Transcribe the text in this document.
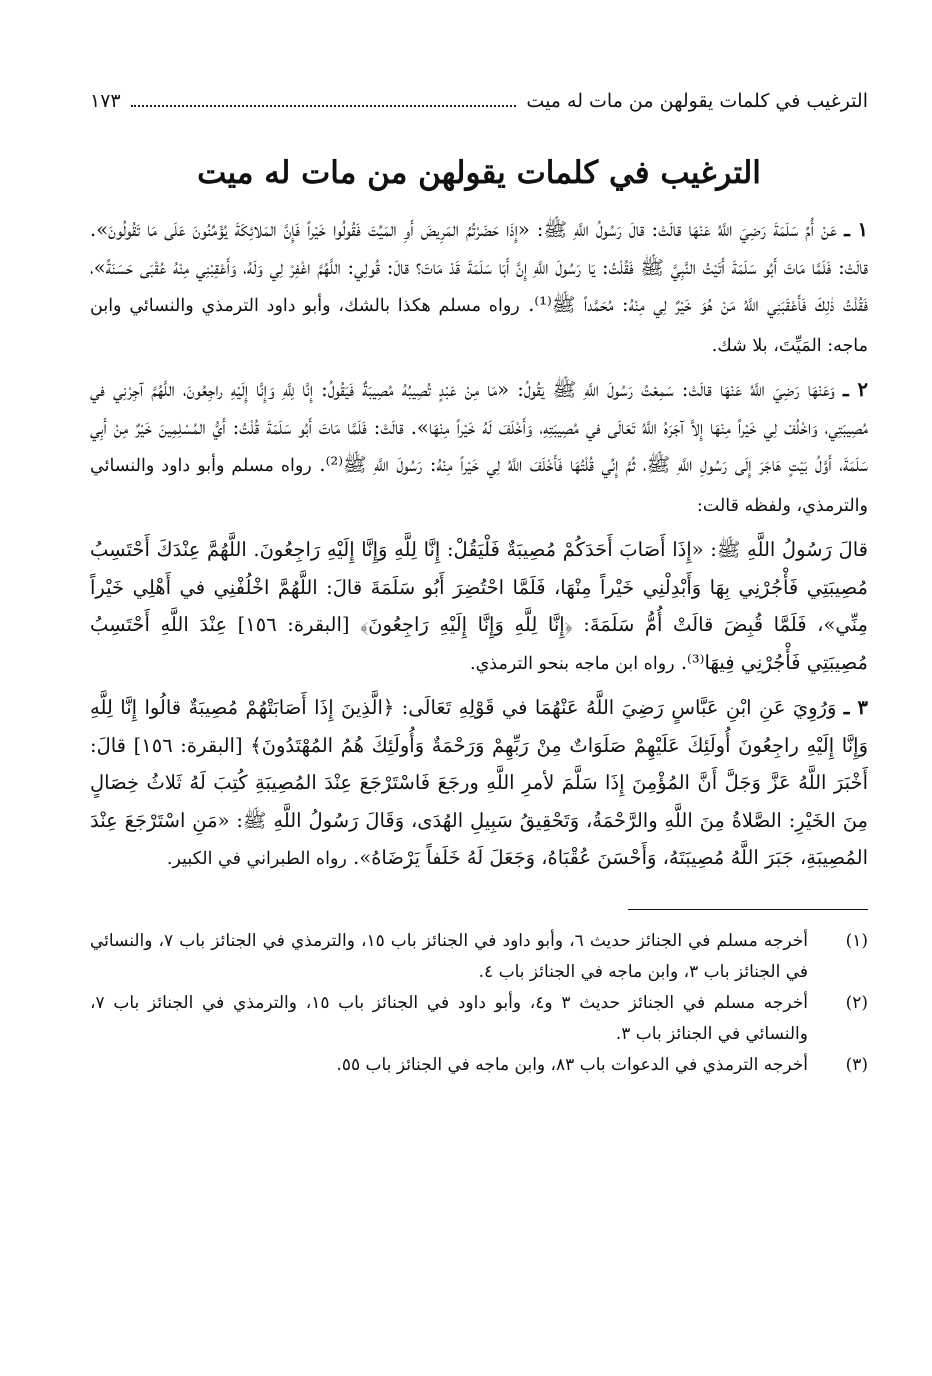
الترغيب في كلمات يقولهن من مات له ميت
١٧٣
الترغيب في كلمات يقولهن من مات له ميت

١ ـ عَنْ أُمِّ سَلَمَةَ رَضِيَ اللَّهُ عَنْهَا قالَتْ: قالَ رَسُولُ اللَّهِ ﷺ: «إِذَا حَضَرْتُمُ المَرِيضَ أَوِ المَيِّتَ فَقُولُوا خَيْراً فَإِنَّ المَلائِكَةَ يُؤَمِّنُونَ عَلَى مَا تَقُولُونَ». قالَتْ: فَلَمَّا مَاتَ أَبُو سَلَمَةَ أَتَيْتُ النَّبِيَّ ﷺ فَقُلْتُ: يَا رَسُولَ اللَّهِ إِنَّ أَبَا سَلَمَةَ قَدْ مَاتَ؟ قالَ: قُولِي: اللَّهُمَّ اغْفِرْ لِي وَلَهُ، وَأَعْقِبْنِي مِنْهُ عُقْبَى حَسَنَةً»، فَقُلْتُ ذٰلِكَ فَأَعْقَبَنِي اللَّهُ مَنْ هُوَ خَيْرٌ لِي مِنْهُ: مُحَمَّداً ﷺ⁽¹⁾. رواه مسلم هكذا بالشك، وأبو داود الترمذي والنسائي وابن ماجه: المَيِّتَ، بلا شك.

٢ ـ وَعَنْهَا رَضِيَ اللَّهُ عَنْهَا قالَتْ: سَمِعْتُ رَسُولَ اللَّهِ ﷺ يَقُولُ: «مَا مِنْ عَبْدٍ تُصِيبُهُ مُصِيبَةٌ فَيَقُولُ: إِنَّا لِلَّهِ وَإِنَّا إِلَيْهِ راجِعُونَ، اللَّهُمَّ آجِرْنِي في مُصِيبَتِي، وَاخْلُفْ لِي خَيْراً مِنْهَا إِلاَّ آجَرَهُ اللَّهُ تَعَالَى في مُصِيبَتِهِ، وَأَخْلَفَ لَهُ خَيْراً مِنْهَا». قالَتْ: فَلَمَّا مَاتَ أَبُو سَلَمَةَ قُلْتُ: أَيُّ المُسْلِمِينَ خَيْرٌ مِنْ أَبِي سَلَمَةَ، أَوَّلُ بَيْتٍ هَاجَرَ إِلَى رَسُولِ اللَّهِ ﷺ، ثُمَّ إِنِّي قُلْتُهَا فَأَخْلَفَ اللَّهُ لِي خَيْراً مِنْهُ: رَسُولَ اللَّهِ ﷺ⁽²⁾. رواه مسلم وأبو داود والنسائي والترمذي، ولفظه قالت:

قالَ رَسُولُ اللَّهِ ﷺ: «إِذَا أَصَابَ أَحَدَكُمْ مُصِيبَةٌ فَلْيَقُلْ: إِنَّا لِلَّهِ وَإِنَّا إِلَيْهِ رَاجِعُونَ. اللَّهُمَّ عِنْدَكَ أَحْتَسِبُ مُصِيبَتِي فَأْجُرْنِي بِهَا وَأَبْدِلْنِي خَيْراً مِنْهَا، فَلَمَّا احْتُضِرَ أَبُو سَلَمَةَ قالَ: اللَّهُمَّ اخْلُفْنِي في أَهْلِي خَيْراً مِنِّي»، فَلَمَّا قُبِضَ قالَتْ أُمُّ سَلَمَةَ: ﴿إِنَّا لِلَّهِ وَإِنَّا إِلَيْهِ رَاجِعُونَ﴾ [البقرة: ١٥٦] عِنْدَ اللَّهِ أَحْتَسِبُ مُصِيبَتِي فَأْجُرْنِي فِيهَا⁽³⁾. رواه ابن ماجه بنحو الترمذي.

٣ ـ وَرُوِيَ عَنِ ابْنِ عَبَّاسٍ رَضِيَ اللَّهُ عَنْهُمَا في قَوْلِهِ تَعَالَى: ﴿الَّذِينَ إِذَا أَصَابَتْهُمْ مُصِيبَةٌ قالُوا إِنَّا لِلَّهِ وَإِنَّا إِلَيْهِ راجِعُونَ أُولَئِكَ عَلَيْهِمْ صَلَوَاتٌ مِنْ رَبِّهِمْ وَرَحْمَةٌ وَأُولَئِكَ هُمُ المُهْتَدُونَ﴾ [البقرة: ١٥٦] قالَ: أَخْبَرَ اللَّهُ عَزَّ وَجَلَّ أَنَّ المُؤْمِنَ إِذَا سَلَّمَ لأمرِ اللَّهِ ورجَعَ فَاسْتَرْجَعَ عِنْدَ المُصِيبَةِ كُتِبَ لَهُ ثَلاثُ خِصَالٍ مِنَ الخَيْرِ: الصَّلاةُ مِنَ اللَّهِ والرَّحْمَةُ، وَتَحْقِيقُ سَبِيلِ الهُدَى، وَقَالَ رَسُولُ اللَّهِ ﷺ: «مَنِ اسْتَرْجَعَ عِنْدَ المُصِيبَةِ، جَبَرَ اللَّهُ مُصِيبَتَهُ، وَأَحْسَنَ عُقْبَاهُ، وَجَعَلَ لَهُ خَلَفاً يَرْضَاهُ». رواه الطبراني في الكبير.

(١)
أخرجه مسلم في الجنائز حديث ٦، وأبو داود في الجنائز باب ١٥، والترمذي في الجنائز باب ٧، والنسائي في الجنائز باب ٣، وابن ماجه في الجنائز باب ٤.
(٢)
أخرجه مسلم في الجنائز حديث ٣ و٤، وأبو داود في الجنائز باب ١٥، والترمذي في الجنائز باب ٧، والنسائي في الجنائز باب ٣.
(٣)
أخرجه الترمذي في الدعوات باب ٨٣، وابن ماجه في الجنائز باب ٥٥.
